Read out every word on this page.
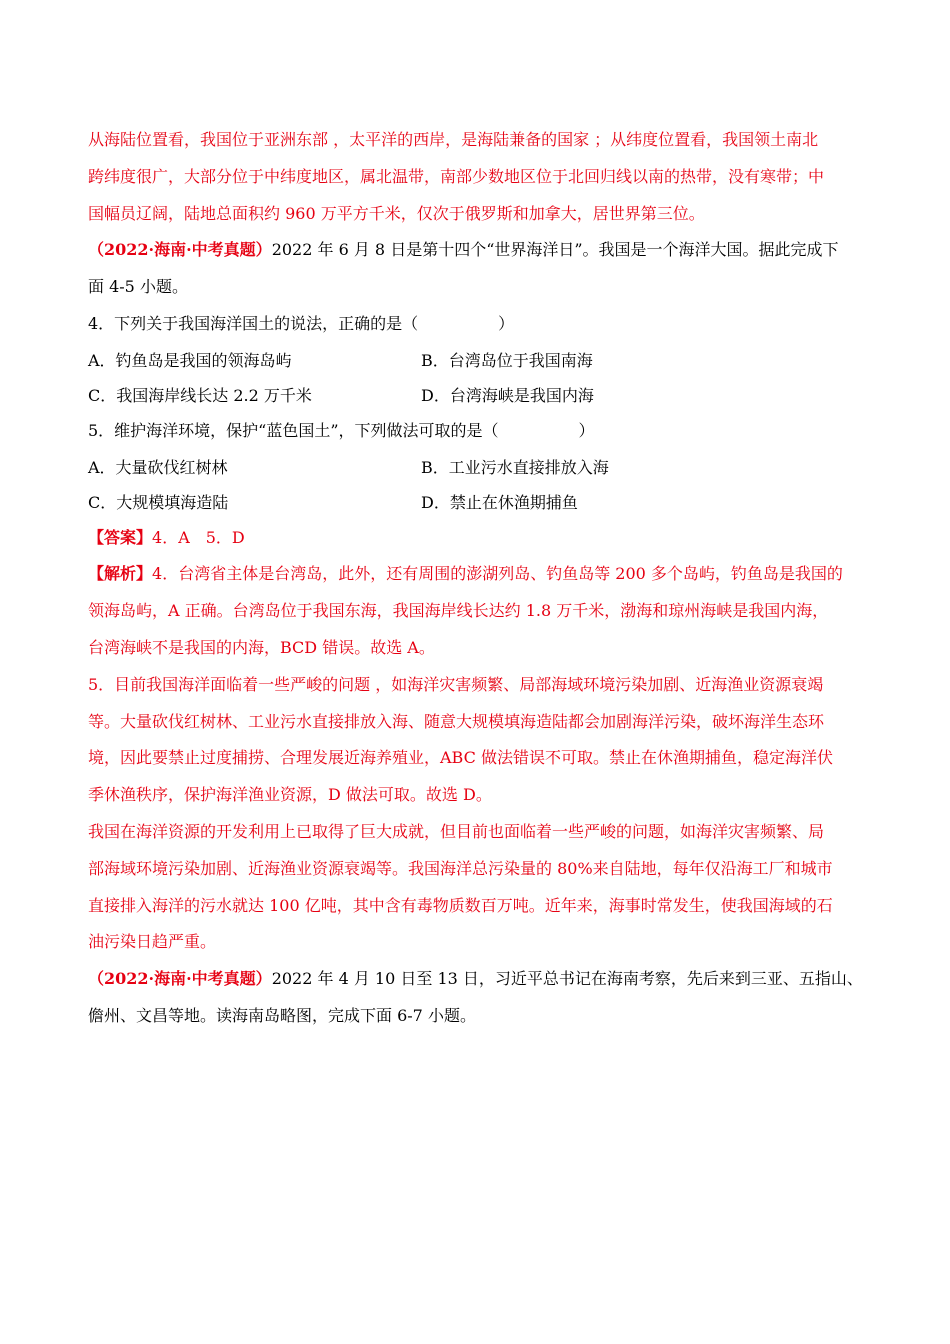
从海陆位置看，我国位于亚洲东部 ，太平洋的西岸，是海陆兼备的国家 ；从纬度位置看，我国领土南北
跨纬度很广，大部分位于中纬度地区，属北温带，南部少数地区位于北回归线以南的热带，没有寒带；中
国幅员辽阔，陆地总面积约 960 万平方千米，仅次于俄罗斯和加拿大，居世界第三位。
（2022·海南·中考真题）2022 年 6 月 8 日是第十四个“世界海洋日”。我国是一个海洋大国。据此完成下
面 4-5 小题。
4．下列关于我国海洋国土的说法，正确的是（　　　　　）
A．钓鱼岛是我国的领海岛屿	B．台湾岛位于我国南海
C．我国海岸线长达 2.2 万千米	D．台湾海峡是我国内海
5．维护海洋环境，保护“蓝色国土”，下列做法可取的是（　　　　　）
A．大量砍伐红树林	B．工业污水直接排放入海
C．大规模填海造陆	D．禁止在休渔期捕鱼
【答案】4．A　5．D
【解析】4．台湾省主体是台湾岛，此外，还有周围的澎湖列岛、钓鱼岛等 200 多个岛屿，钓鱼岛是我国的
领海岛屿，A 正确。台湾岛位于我国东海，我国海岸线长达约 1.8 万千米，渤海和琼州海峡是我国内海，
台湾海峡不是我国的内海，BCD 错误。故选 A。
5．目前我国海洋面临着一些严峻的问题 ，如海洋灾害频繁、局部海域环境污染加剧、近海渔业资源衰竭
等。大量砍伐红树林、工业污水直接排放入海、随意大规模填海造陆都会加剧海洋污染，破坏海洋生态环
境，因此要禁止过度捕捞、合理发展近海养殖业，ABC 做法错误不可取。禁止在休渔期捕鱼，稳定海洋伏
季休渔秩序，保护海洋渔业资源，D 做法可取。故选 D。
我国在海洋资源的开发利用上已取得了巨大成就，但目前也面临着一些严峻的问题，如海洋灾害频繁、局
部海域环境污染加剧、近海渔业资源衰竭等。我国海洋总污染量的 80%来自陆地，每年仅沿海工厂和城市
直接排入海洋的污水就达 100 亿吨，其中含有毒物质数百万吨。近年来，海事时常发生，使我国海域的石
油污染日趋严重。
（2022·海南·中考真题）2022 年 4 月 10 日至 13 日，习近平总书记在海南考察，先后来到三亚、五指山、
儋州、文昌等地。读海南岛略图，完成下面 6-7 小题。
